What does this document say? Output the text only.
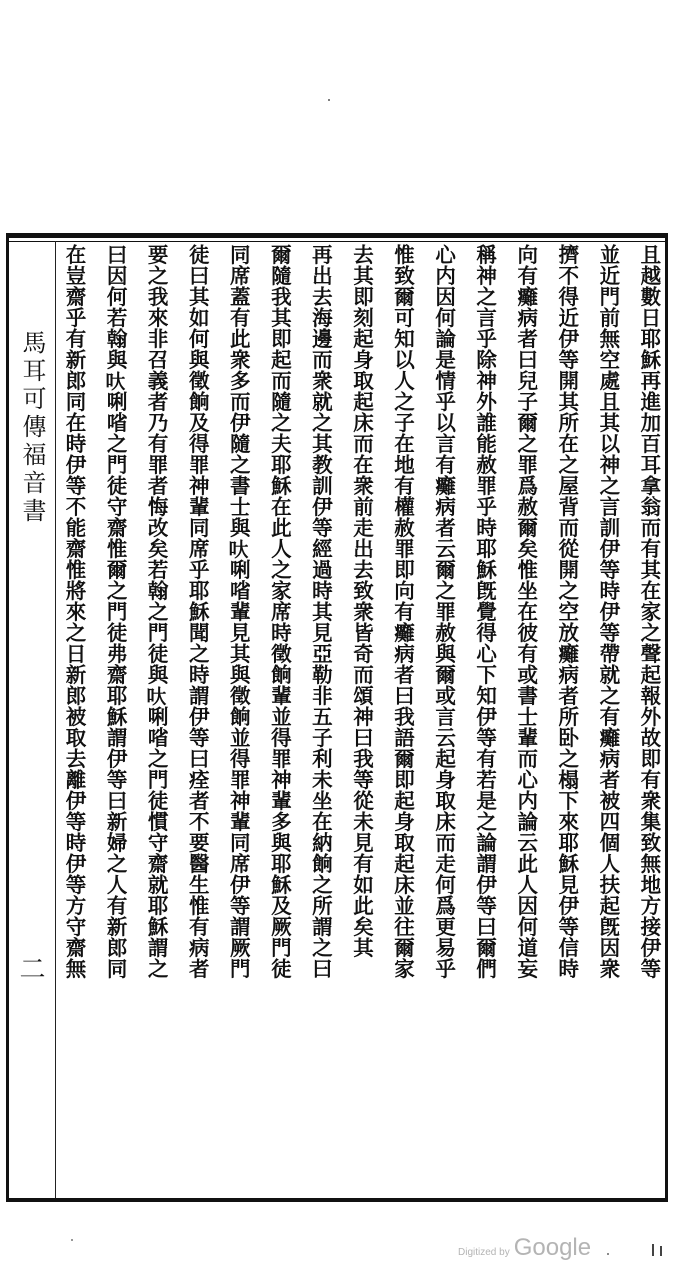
且越數日耶穌再進加百耳拿翁而有其在家之聲起報外故即有衆集致無地方接伊等
並近門前無空處且其以神之言訓伊等時伊等帶就之有癱病者被四個人扶起旣因衆
擠不得近伊等開其所在之屋背而從開之空放癱病者所卧之榻下來耶穌見伊等信時
向有癱病者曰兒子爾之罪爲赦爾矣惟坐在彼有或書士輩而心内論云此人因何道妄
稱神之言乎除神外誰能赦罪乎時耶穌旣覺得心下知伊等有若是之論謂伊等曰爾們
心内因何論是情乎以言有癱病者云爾之罪赦與爾或言云起身取床而走何爲更易乎
惟致爾可知以人之子在地有權赦罪即向有癱病者曰我語爾即起身取起床並往爾家
去其即刻起身取起床而在衆前走出去致衆皆奇而頌神曰我等從未見有如此矣其
再出去海邊而衆就之其教訓伊等經過時其見亞勒非五子利未坐在納餉之所謂之曰
爾隨我其即起而隨之夫耶穌在此人之家席時徵餉輩並得罪神輩多與耶穌及厥門徒
同席蓋有此衆多而伊隨之書士與𠯈唎㗂輩見其與徵餉並得罪神輩同席伊等謂厥門
徒曰其如何與徵餉及得罪神輩同席乎耶穌聞之時謂伊等曰痊者不要醫生惟有病者
要之我來非召義者乃有罪者悔改矣若翰之門徒與𠯈唎㗂之門徒慣守齋就耶穌謂之
曰因何若翰與𠯈唎㗂之門徒守齋惟爾之門徒弗齋耶穌謂伊等曰新婦之人有新郎同
在豈齋乎有新郎同在時伊等不能齋惟將來之日新郎被取去離伊等時伊等方守齋無
馬耳可傳福音書
二
Digitized by Google
